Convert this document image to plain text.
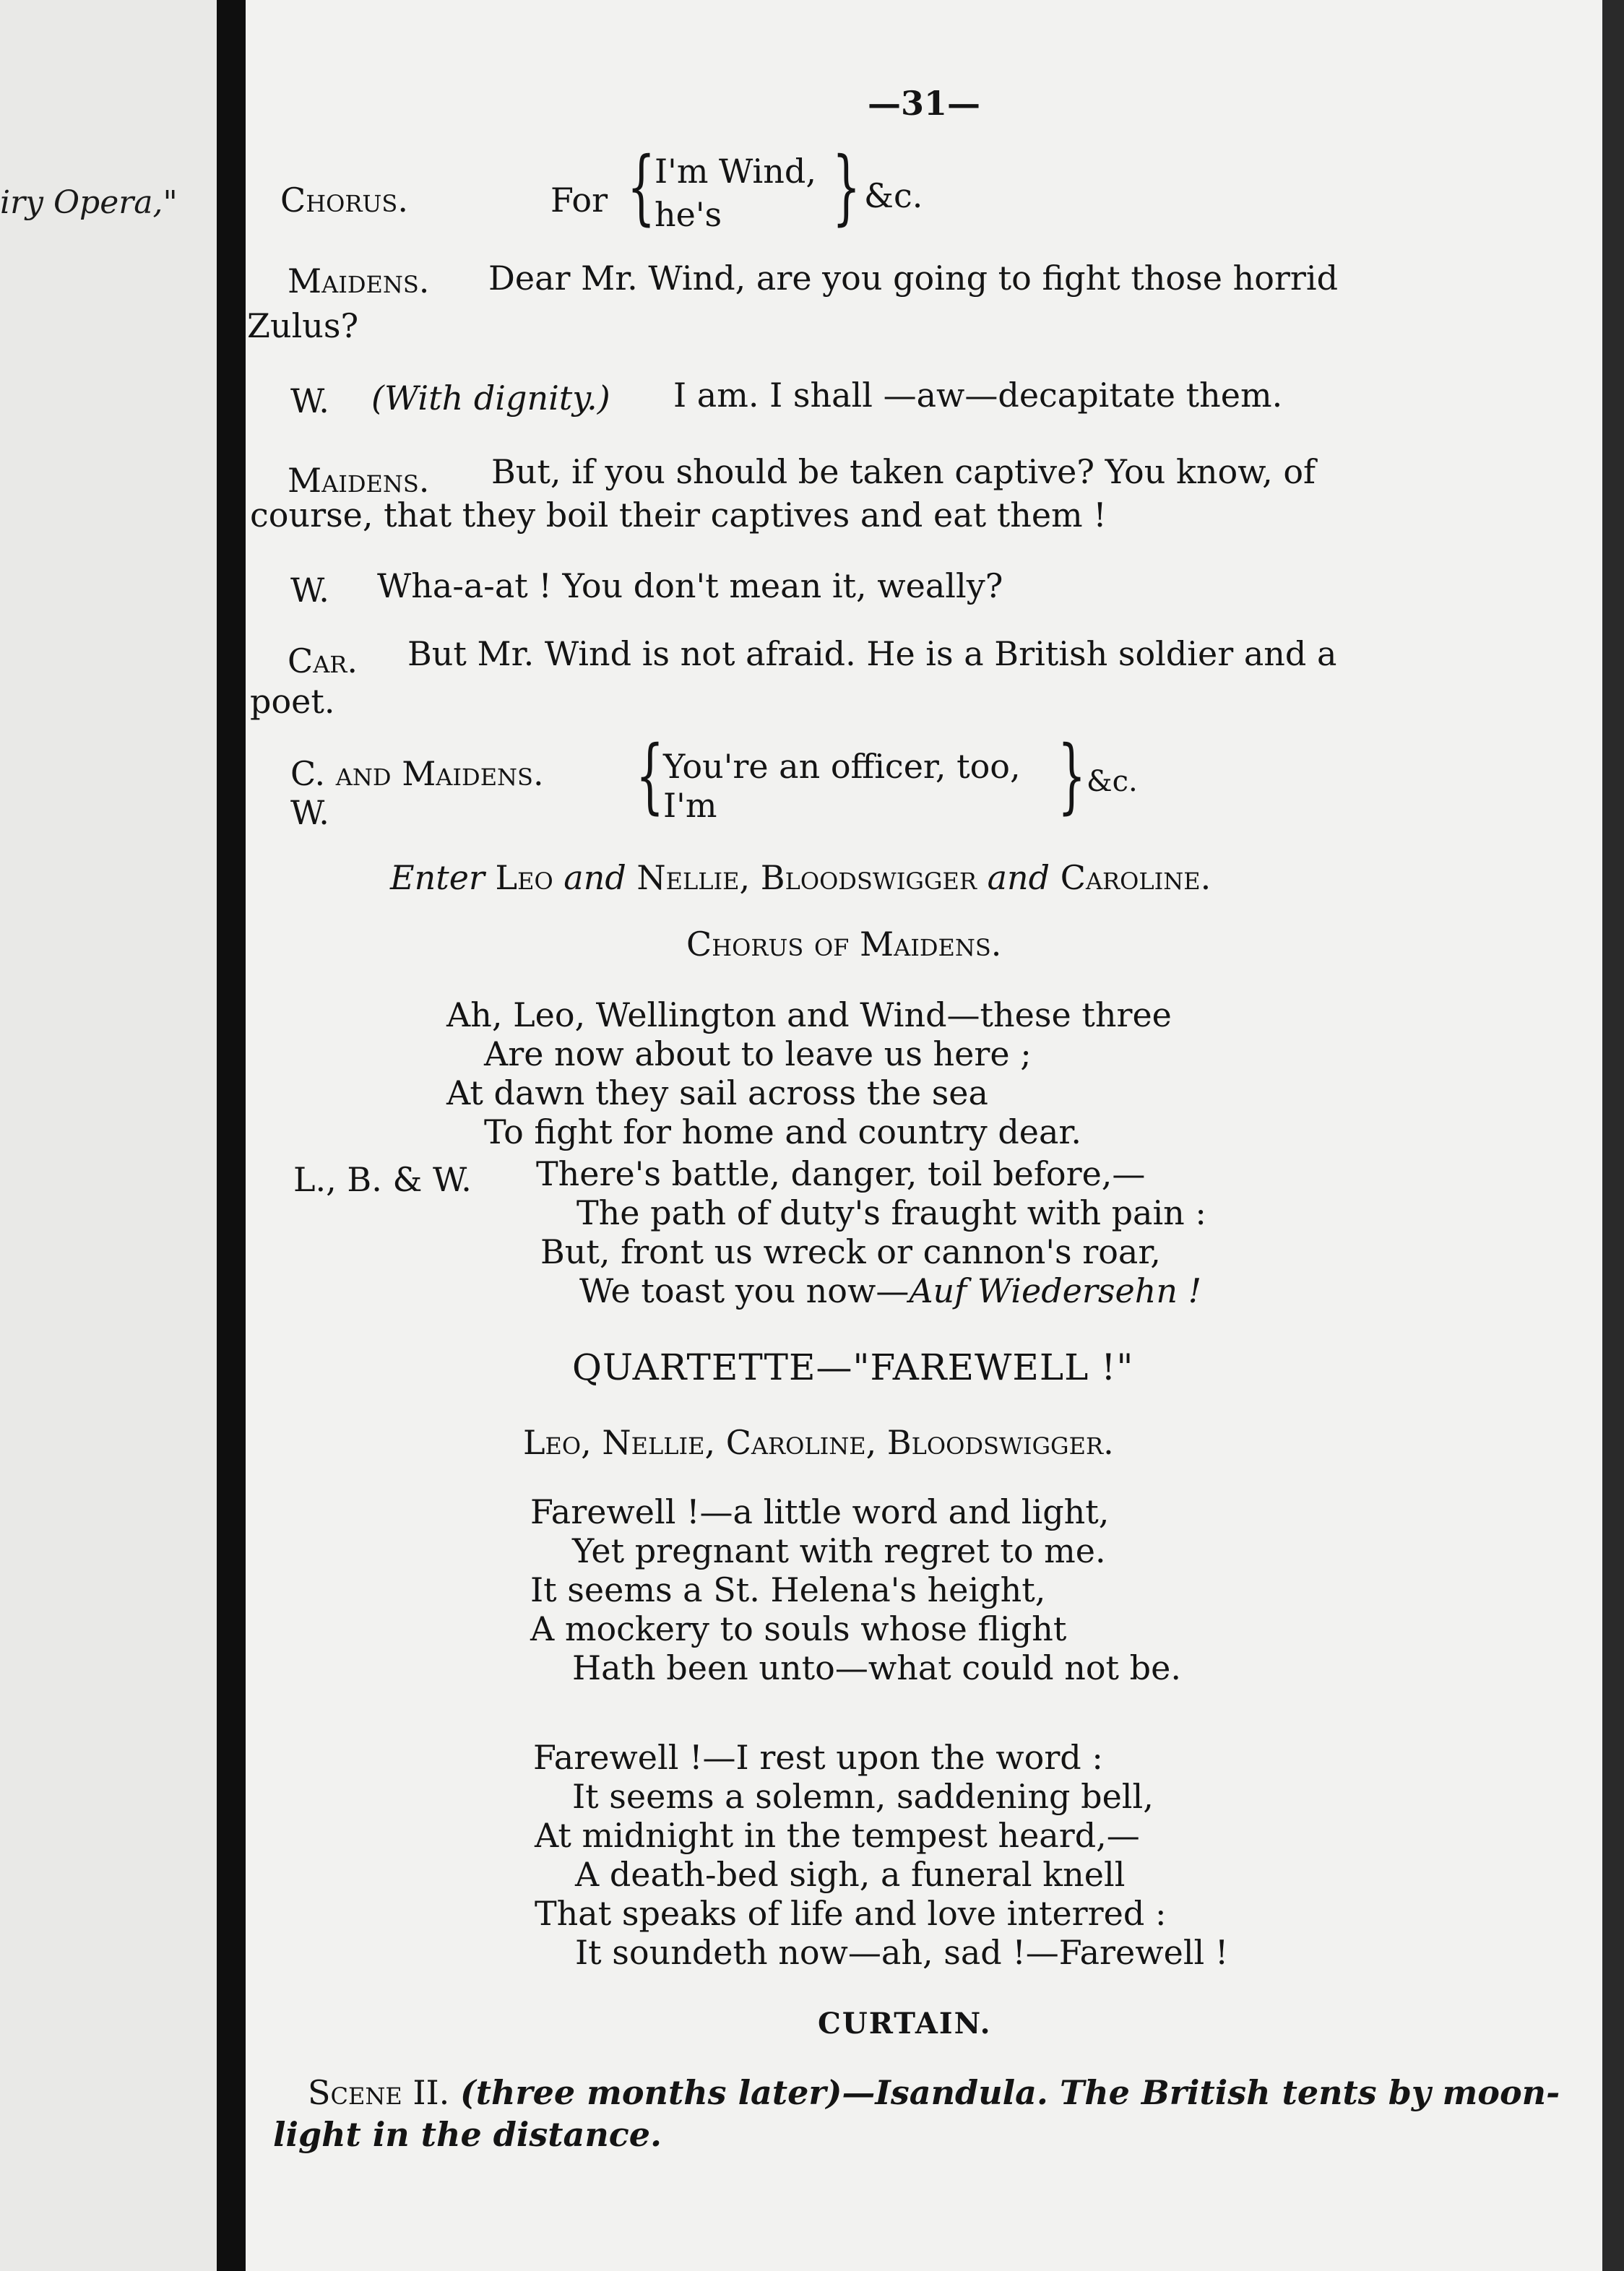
iry Opera,"
—31—
Chorus.	For {
I'm Wind,
he's } &c.
Maidens. Dear Mr. Wind, are you going to fight those horrid
Zulus?
W. (With dignity.) I am. I shall —aw—decapitate them.
Maidens. But, if you should be taken captive? You know, of
course, that they boil their captives and eat them !
W. Wha-a-at ! You don't mean it, weally?
Car. But Mr. Wind is not afraid. He is a British soldier and a
poet.
C. and Maidens.
W.	{
You're an officer, too,
I'm	} &c.
Enter Leo and Nellie, Bloodswigger and Caroline.
Chorus of Maidens.
Ah, Leo, Wellington and Wind—these three
Are now about to leave us here ;
At dawn they sail across the sea
To fight for home and country dear.
L., B. & W. There's battle, danger, toil before,—
The path of duty's fraught with pain :
But, front us wreck or cannon's roar,
We toast you now—Auf Wiedersehn !
QUARTETTE—"FAREWELL !"
Leo, Nellie, Caroline, Bloodswigger.
Farewell !—a little word and light,
Yet pregnant with regret to me.
It seems a St. Helena's height,
A mockery to souls whose flight
Hath been unto—what could not be.
Farewell !—I rest upon the word :
It seems a solemn, saddening bell,
At midnight in the tempest heard,—
A death-bed sigh, a funeral knell
That speaks of life and love interred :
It soundeth now—ah, sad !—Farewell !
CURTAIN.
Scene II. (three months later)—Isandula. The British tents by moon-
light in the distance.
